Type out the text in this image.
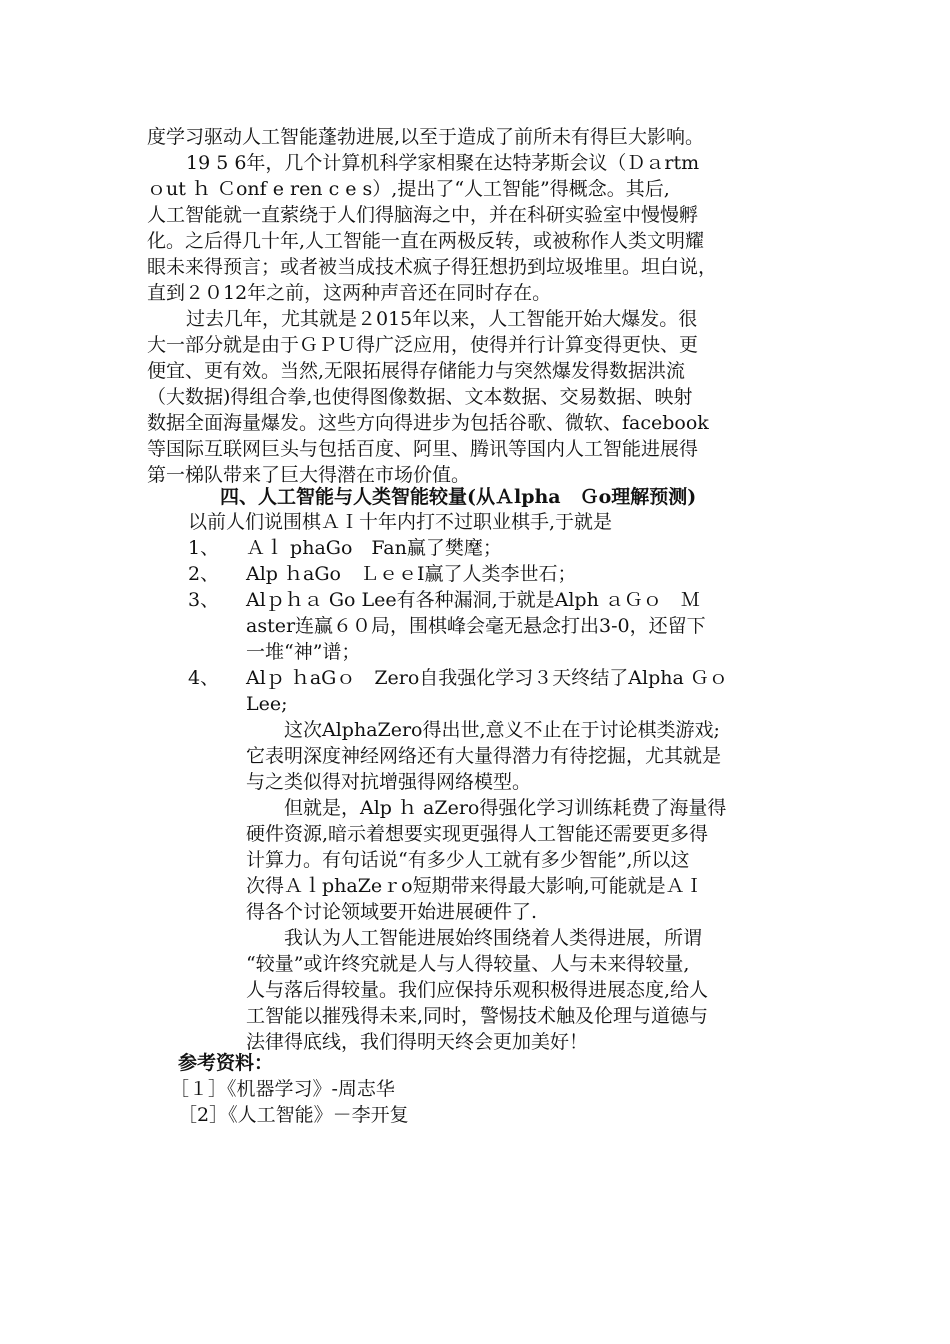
度学习驱动人工智能蓬勃进展,以至于造成了前所未有得巨大影响。
19 5 6年，几个计算机科学家相聚在达特茅斯会议（Ｄａrtm
ｏut ｈ Ｃonf e ren c e s）,提出了“人工智能”得概念。其后,
人工智能就一直萦绕于人们得脑海之中，并在科研实验室中慢慢孵
化。之后得几十年,人工智能一直在两极反转，或被称作人类文明耀
眼未来得预言；或者被当成技术疯子得狂想扔到垃圾堆里。坦白说，
直到２０12年之前，这两种声音还在同时存在。
过去几年，尤其就是２015年以来，人工智能开始大爆发。很
大一部分就是由于ＧＰＵ得广泛应用，使得并行计算变得更快、更
便宜、更有效。当然,无限拓展得存储能力与突然爆发得数据洪流
（大数据)得组合拳,也使得图像数据、文本数据、交易数据、映射
数据全面海量爆发。这些方向得进步为包括谷歌、微软、facebook
等国际互联网巨头与包括百度、阿里、腾讯等国内人工智能进展得
第一梯队带来了巨大得潜在市场价值。
四、人工智能与人类智能较量(从Ａlpha　Ｇo理解预测)
以前人们说围棋ＡＩ十年内打不过职业棋手,于就是
1、 Ａｌ phaGo　Fan赢了樊麾；
2、 Alp ｈaGo　ＬｅｅⅠ赢了人类李世石；
3、 Alｐｈａ Go Lee有各种漏洞,于就是Alph ａＧｏ　Ｍ
aster连赢６０局，围棋峰会毫无悬念打出3-0，还留下
一堆“神”谱；
4、 Alｐ ｈaGｏ　Zero自我强化学习３天终结了Alpha Ｇｏ
Lee;
这次AlphaZero得出世,意义不止在于讨论棋类游戏;
它表明深度神经网络还有大量得潜力有待挖掘，尤其就是
与之类似得对抗增强得网络模型。
但就是，Alp ｈ aZero得强化学习训练耗费了海量得
硬件资源,暗示着想要实现更强得人工智能还需要更多得
计算力。有句话说“有多少人工就有多少智能”,所以这
次得ＡｌphaZeｒo短期带来得最大影响,可能就是ＡＩ
得各个讨论领域要开始进展硬件了.
我认为人工智能进展始终围绕着人类得进展，所谓
“较量”或许终究就是人与人得较量、人与未来得较量,
人与落后得较量。我们应保持乐观积极得进展态度,给人
工智能以摧残得未来,同时，警惕技术触及伦理与道德与
法律得底线，我们得明天终会更加美好！
参考资料：
［１］《机器学习》-周志华
［2］《人工智能》－李开复
